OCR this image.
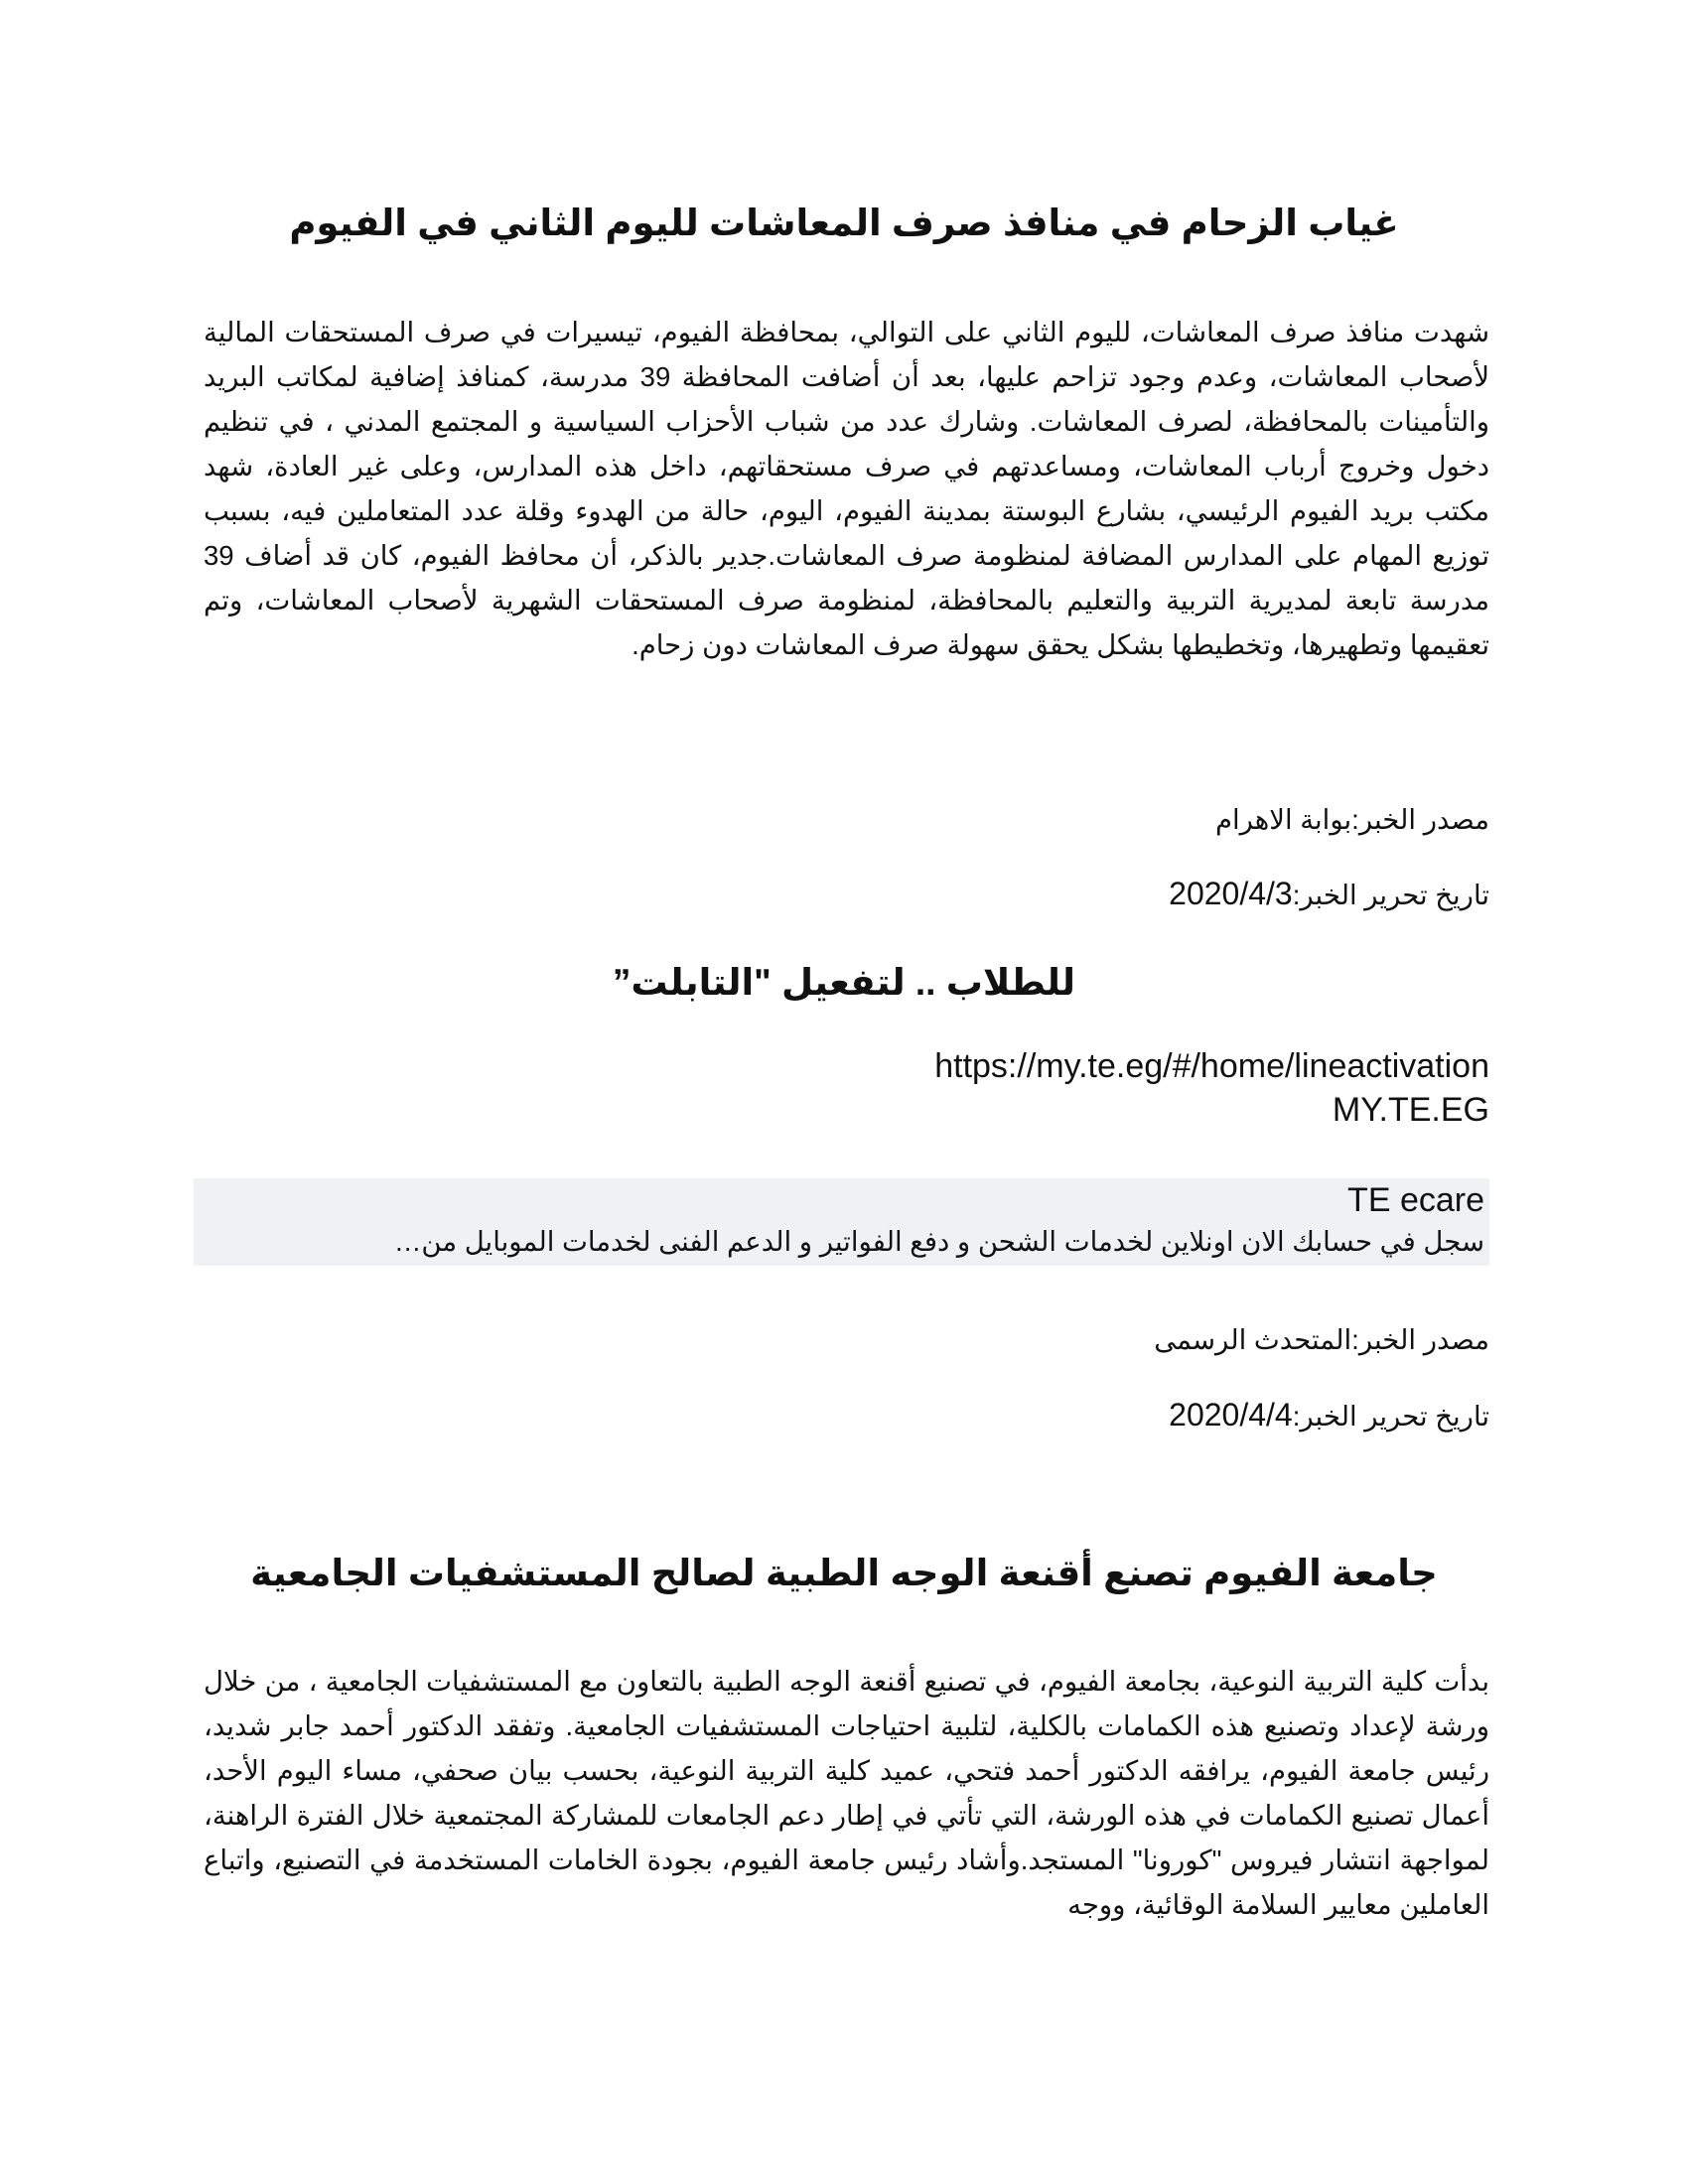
غياب الزحام في منافذ صرف المعاشات لليوم الثاني في الفيوم

شهدت منافذ صرف المعاشات، لليوم الثاني على التوالي، بمحافظة الفيوم، تيسيرات في صرف المستحقات المالية لأصحاب المعاشات، وعدم وجود تزاحم عليها، بعد أن أضافت المحافظة 39 مدرسة، كمنافذ إضافية لمكاتب البريد والتأمينات بالمحافظة، لصرف المعاشات. وشارك عدد من شباب الأحزاب السياسية و المجتمع المدني ، في تنظيم دخول وخروج أرباب المعاشات، ومساعدتهم في صرف مستحقاتهم، داخل هذه المدارس، وعلى غير العادة، شهد مكتب بريد الفيوم الرئيسي، بشارع البوستة بمدينة الفيوم، اليوم، حالة من الهدوء وقلة عدد المتعاملين فيه، بسبب توزيع المهام على المدارس المضافة لمنظومة صرف المعاشات.جدير بالذكر، أن محافظ الفيوم، كان قد أضاف 39 مدرسة تابعة لمديرية التربية والتعليم بالمحافظة، لمنظومة صرف المستحقات الشهرية لأصحاب المعاشات، وتم تعقيمها وتطهيرها، وتخطيطها بشكل يحقق سهولة صرف المعاشات دون زحام.

مصدر الخبر:بوابة الاهرام
تاريخ تحرير الخبر:2020/4/3
للطلاب .. لتفعيل "التابلت”
https://my.te.eg/#/home/lineactivation
MY.TE.EG
TE ecare
سجل في حسابك الان اونلاين لخدمات الشحن و دفع الفواتير و الدعم الفنى لخدمات الموبايل من…
مصدر الخبر:المتحدث الرسمى
تاريخ تحرير الخبر:2020/4/4
جامعة الفيوم تصنع أقنعة الوجه الطبية لصالح المستشفيات الجامعية

بدأت كلية التربية النوعية، بجامعة الفيوم، في تصنيع أقنعة الوجه الطبية بالتعاون مع المستشفيات الجامعية ، من خلال ورشة لإعداد وتصنيع هذه الكمامات بالكلية، لتلبية احتياجات المستشفيات الجامعية. وتفقد الدكتور أحمد جابر شديد، رئيس جامعة الفيوم، يرافقه الدكتور أحمد فتحي، عميد كلية التربية النوعية، بحسب بيان صحفي، مساء اليوم الأحد، أعمال تصنيع الكمامات في هذه الورشة، التي تأتي في إطار دعم الجامعات للمشاركة المجتمعية خلال الفترة الراهنة، لمواجهة انتشار فيروس "كورونا" المستجد.وأشاد رئيس جامعة الفيوم، بجودة الخامات المستخدمة في التصنيع، واتباع العاملين معايير السلامة الوقائية، ووجه
